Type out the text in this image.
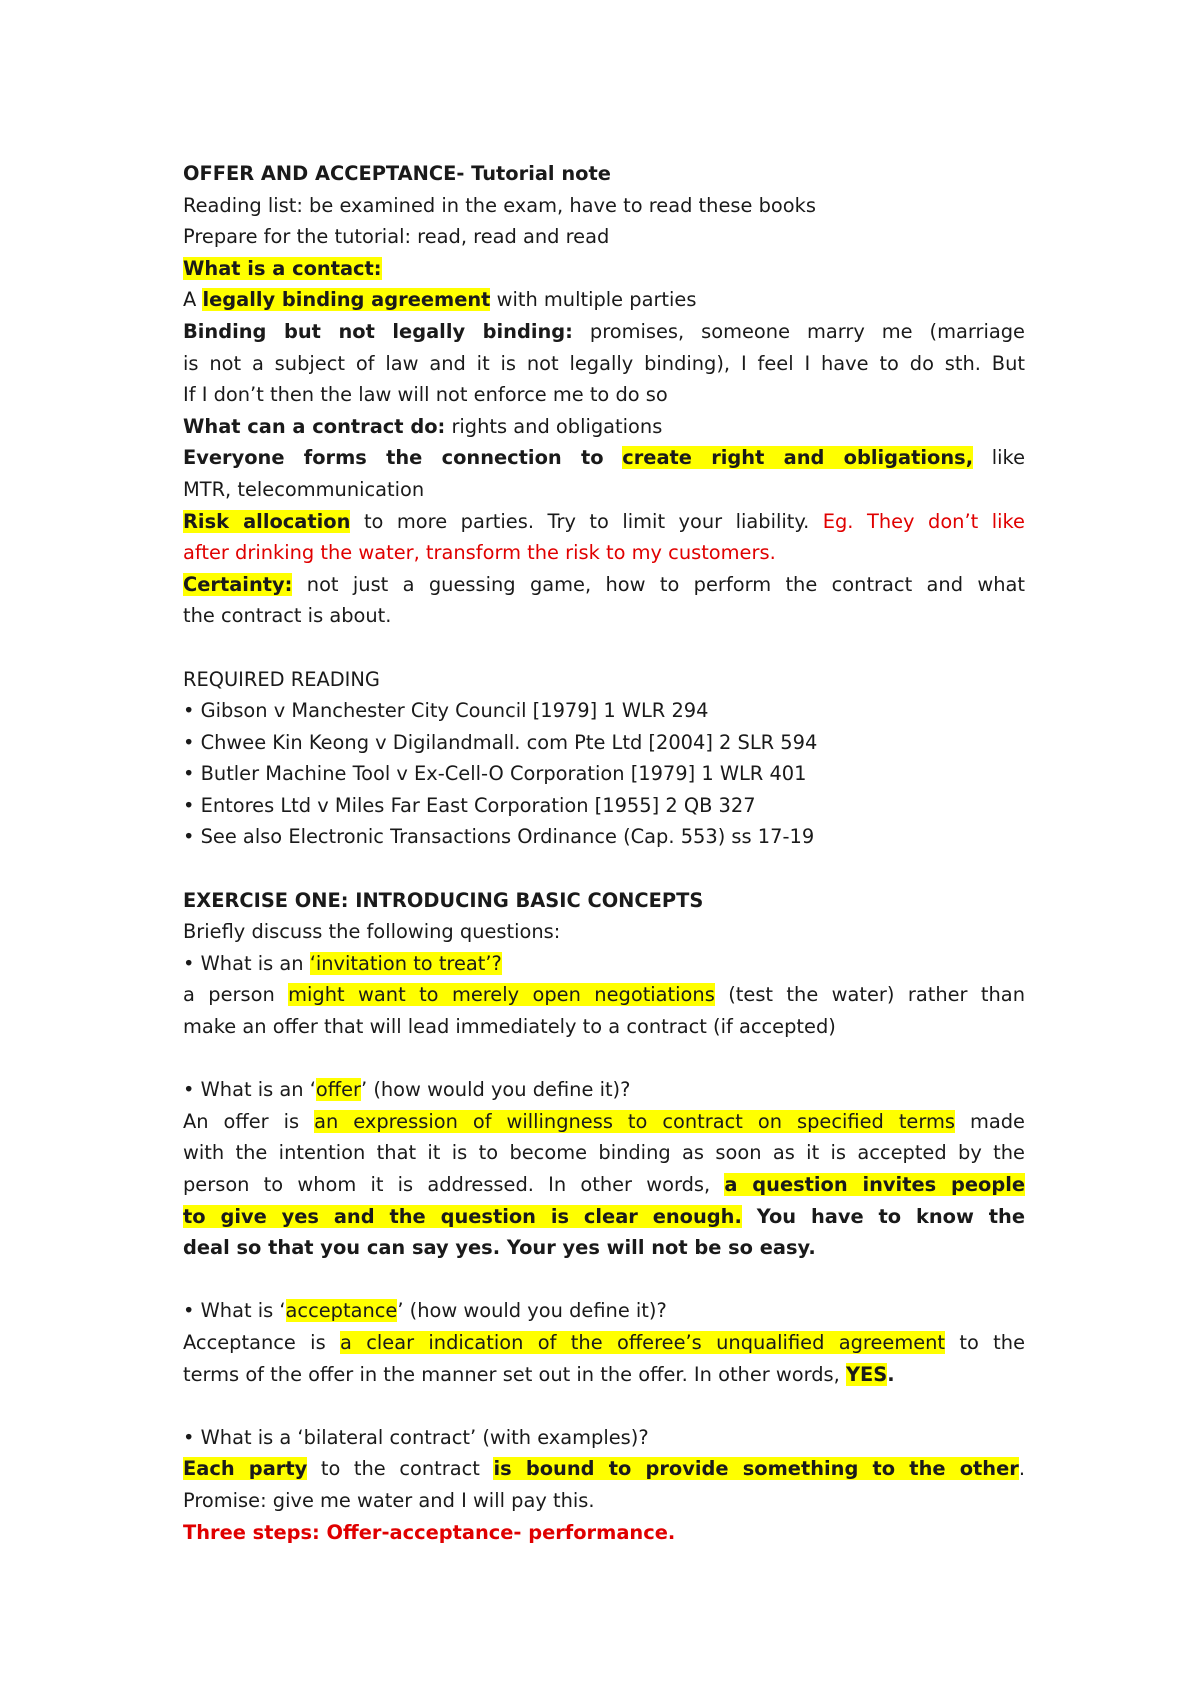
OFFER AND ACCEPTANCE- Tutorial note
Reading list: be examined in the exam, have to read these books
Prepare for the tutorial: read, read and read
What is a contact:
A legally binding agreement with multiple parties
Binding but not legally binding: promises, someone marry me (marriage
is not a subject of law and it is not legally binding), I feel I have to do sth. But
If I don’t then the law will not enforce me to do so
What can a contract do: rights and obligations
Everyone forms the connection to create right and obligations, like
MTR, telecommunication
Risk allocation to more parties. Try to limit your liability. Eg. They don’t like
after drinking the water, transform the risk to my customers.
Certainty: not just a guessing game, how to perform the contract and what
the contract is about.
REQUIRED READING
• Gibson v Manchester City Council [1979] 1 WLR 294
• Chwee Kin Keong v Digilandmall. com Pte Ltd [2004] 2 SLR 594
• Butler Machine Tool v Ex-Cell-O Corporation [1979] 1 WLR 401
• Entores Ltd v Miles Far East Corporation [1955] 2 QB 327
• See also Electronic Transactions Ordinance (Cap. 553) ss 17-19
EXERCISE ONE: INTRODUCING BASIC CONCEPTS
Briefly discuss the following questions:
• What is an ‘invitation to treat’?
a person might want to merely open negotiations (test the water) rather than
make an offer that will lead immediately to a contract (if accepted)
• What is an ‘offer’ (how would you define it)?
An offer is an expression of willingness to contract on specified terms made
with the intention that it is to become binding as soon as it is accepted by the
person to whom it is addressed. In other words, a question invites people
to give yes and the question is clear enough. You have to know the
deal so that you can say yes. Your yes will not be so easy.
• What is ‘acceptance’ (how would you define it)?
Acceptance is a clear indication of the offeree’s unqualified agreement to the
terms of the offer in the manner set out in the offer. In other words, YES.
• What is a ‘bilateral contract’ (with examples)?
Each party to the contract is bound to provide something to the other.
Promise: give me water and I will pay this.
Three steps: Offer-acceptance- performance.
